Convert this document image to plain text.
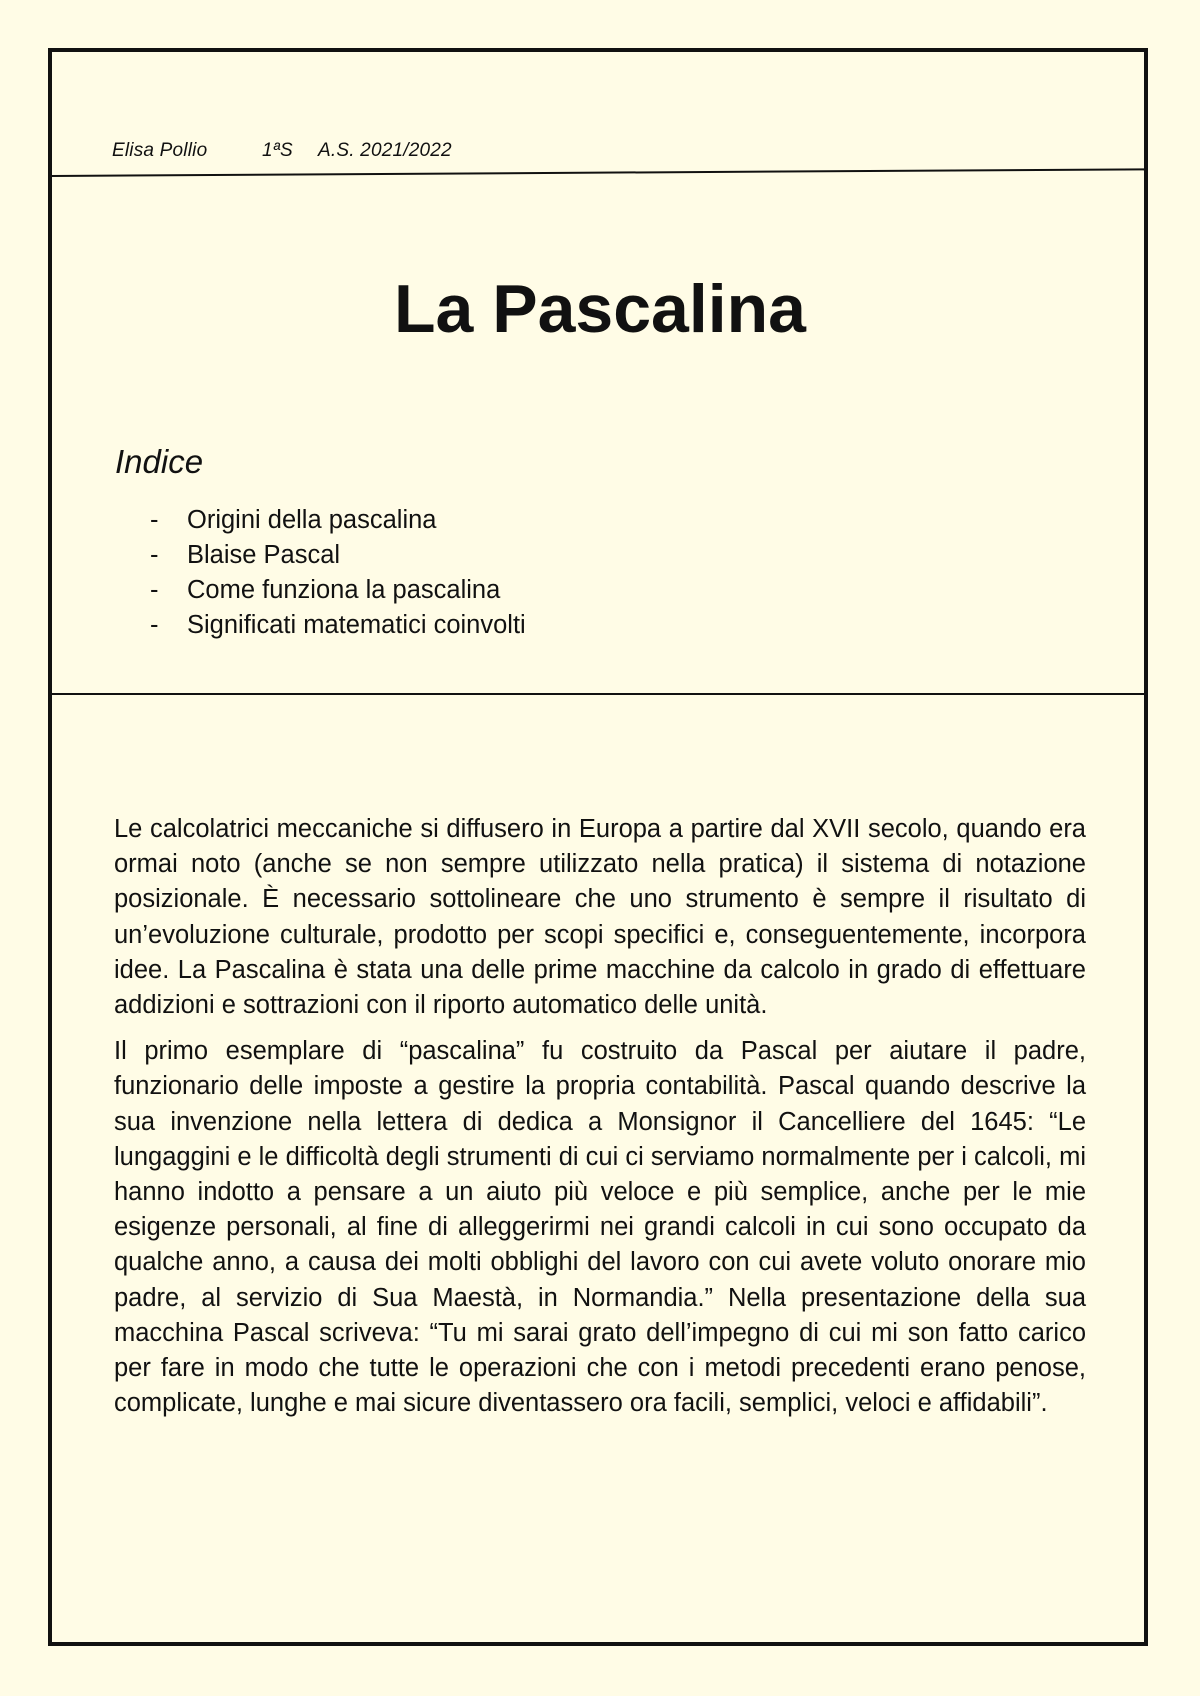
Elisa Pollio	1ªS A.S. 2021/2022
La Pascalina
Indice
- Origini della pascalina
- Blaise Pascal
- Come funziona la pascalina
- Significati matematici coinvolti

Le calcolatrici meccaniche si diffusero in Europa a partire dal XVII secolo, quando era ormai noto (anche se non sempre utilizzato nella pratica) il sistema di notazione posizionale. È necessario sottolineare che uno strumento è sempre il risultato di un’evoluzione culturale, prodotto per scopi specifici e, conseguentemente, incorpora idee. La Pascalina è stata una delle prime macchine da calcolo in grado di effettuare addizioni e sottrazioni con il riporto automatico delle unità.

Il primo esemplare di “pascalina” fu costruito da Pascal per aiutare il padre, funzionario delle imposte a gestire la propria contabilità. Pascal quando descrive la sua invenzione nella lettera di dedica a Monsignor il Cancelliere del 1645: “Le lungaggini e le difficoltà degli strumenti di cui ci serviamo normalmente per i calcoli, mi hanno indotto a pensare a un aiuto più veloce e più semplice, anche per le mie esigenze personali, al fine di alleggerirmi nei grandi calcoli in cui sono occupato da qualche anno, a causa dei molti obblighi del lavoro con cui avete voluto onorare mio padre, al servizio di Sua Maestà, in Normandia.” Nella presentazione della sua macchina Pascal scriveva: “Tu mi sarai grato dell’impegno di cui mi son fatto carico per fare in modo che tutte le operazioni che con i metodi precedenti erano penose, complicate, lunghe e mai sicure diventassero ora facili, semplici, veloci e affidabili”.
